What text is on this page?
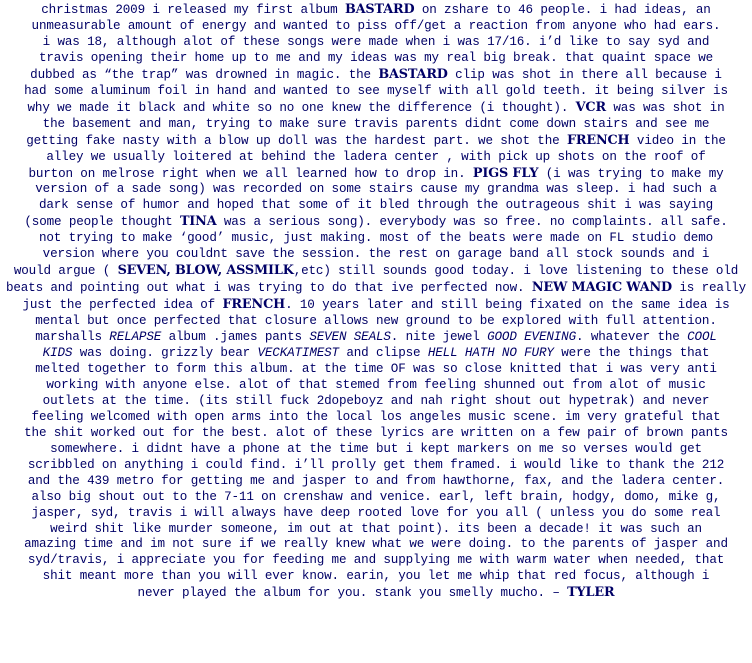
christmas 2009 i released my first album BASTARD on zshare to 46 people. i had ideas, an
unmeasurable amount of energy and wanted to piss off/get a reaction from anyone who had ears.
i was 18, although alot of these songs were made when i was 17/16. i’d like to say syd and
travis opening their home up to me and my ideas was my real big break. that quaint space we
dubbed as “the trap” was drowned in magic. the BASTARD clip was shot in there all because i
had some aluminum foil in hand and wanted to see myself with all gold teeth. it being silver is
why we made it black and white so no one knew the difference (i thought). VCR was was shot in
the basement and man, trying to make sure travis parents didnt come down stairs and see me
getting fake nasty with a blow up doll was the hardest part. we shot the FRENCH video in the
alley we usually loitered at behind the ladera center , with pick up shots on the roof of
burton on melrose right when we all learned how to drop in. PIGS FLY (i was trying to make my
version of a sade song) was recorded on some stairs cause my grandma was sleep. i had such a
dark sense of humor and hoped that some of it bled through the outrageous shit i was saying
(some people thought TINA was a serious song). everybody was so free. no complaints. all safe.
not trying to make ‘good’ music, just making. most of the beats were made on FL studio demo
version where you couldnt save the session. the rest on garage band all stock sounds and i
would argue ( SEVEN, BLOW, ASSMILK,etc) still sounds good today. i love listening to these old
beats and pointing out what i was trying to do that ive perfected now. NEW MAGIC WAND is really
just the perfected idea of FRENCH. 10 years later and still being fixated on the same idea is
mental but once perfected that closure allows new ground to be explored with full attention.
marshalls RELAPSE album .james pants SEVEN SEALS. nite jewel GOOD EVENING. whatever the COOL
KIDS was doing. grizzly bear VECKATIMEST and clipse HELL HATH NO FURY were the things that
melted together to form this album. at the time OF was so close knitted that i was very anti
working with anyone else. alot of that stemed from feeling shunned out from alot of music
outlets at the time. (its still fuck 2dopeboyz and nah right shout out hypetrak) and never
feeling welcomed with open arms into the local los angeles music scene. im very grateful that
the shit worked out for the best. alot of these lyrics are written on a few pair of brown pants
somewhere. i didnt have a phone at the time but i kept markers on me so verses would get
scribbled on anything i could find. i’ll prolly get them framed. i would like to thank the 212
and the 439 metro for getting me and jasper to and from hawthorne, fax, and the ladera center.
also big shout out to the 7-11 on crenshaw and venice. earl, left brain, hodgy, domo, mike g,
jasper, syd, travis i will always have deep rooted love for you all ( unless you do some real
weird shit like murder someone, im out at that point). its been a decade! it was such an
amazing time and im not sure if we really knew what we were doing. to the parents of jasper and
syd/travis, i appreciate you for feeding me and supplying me with warm water when needed, that
shit meant more than you will ever know. earin, you let me whip that red focus, although i
never played the album for you. stank you smelly mucho. – TYLER
